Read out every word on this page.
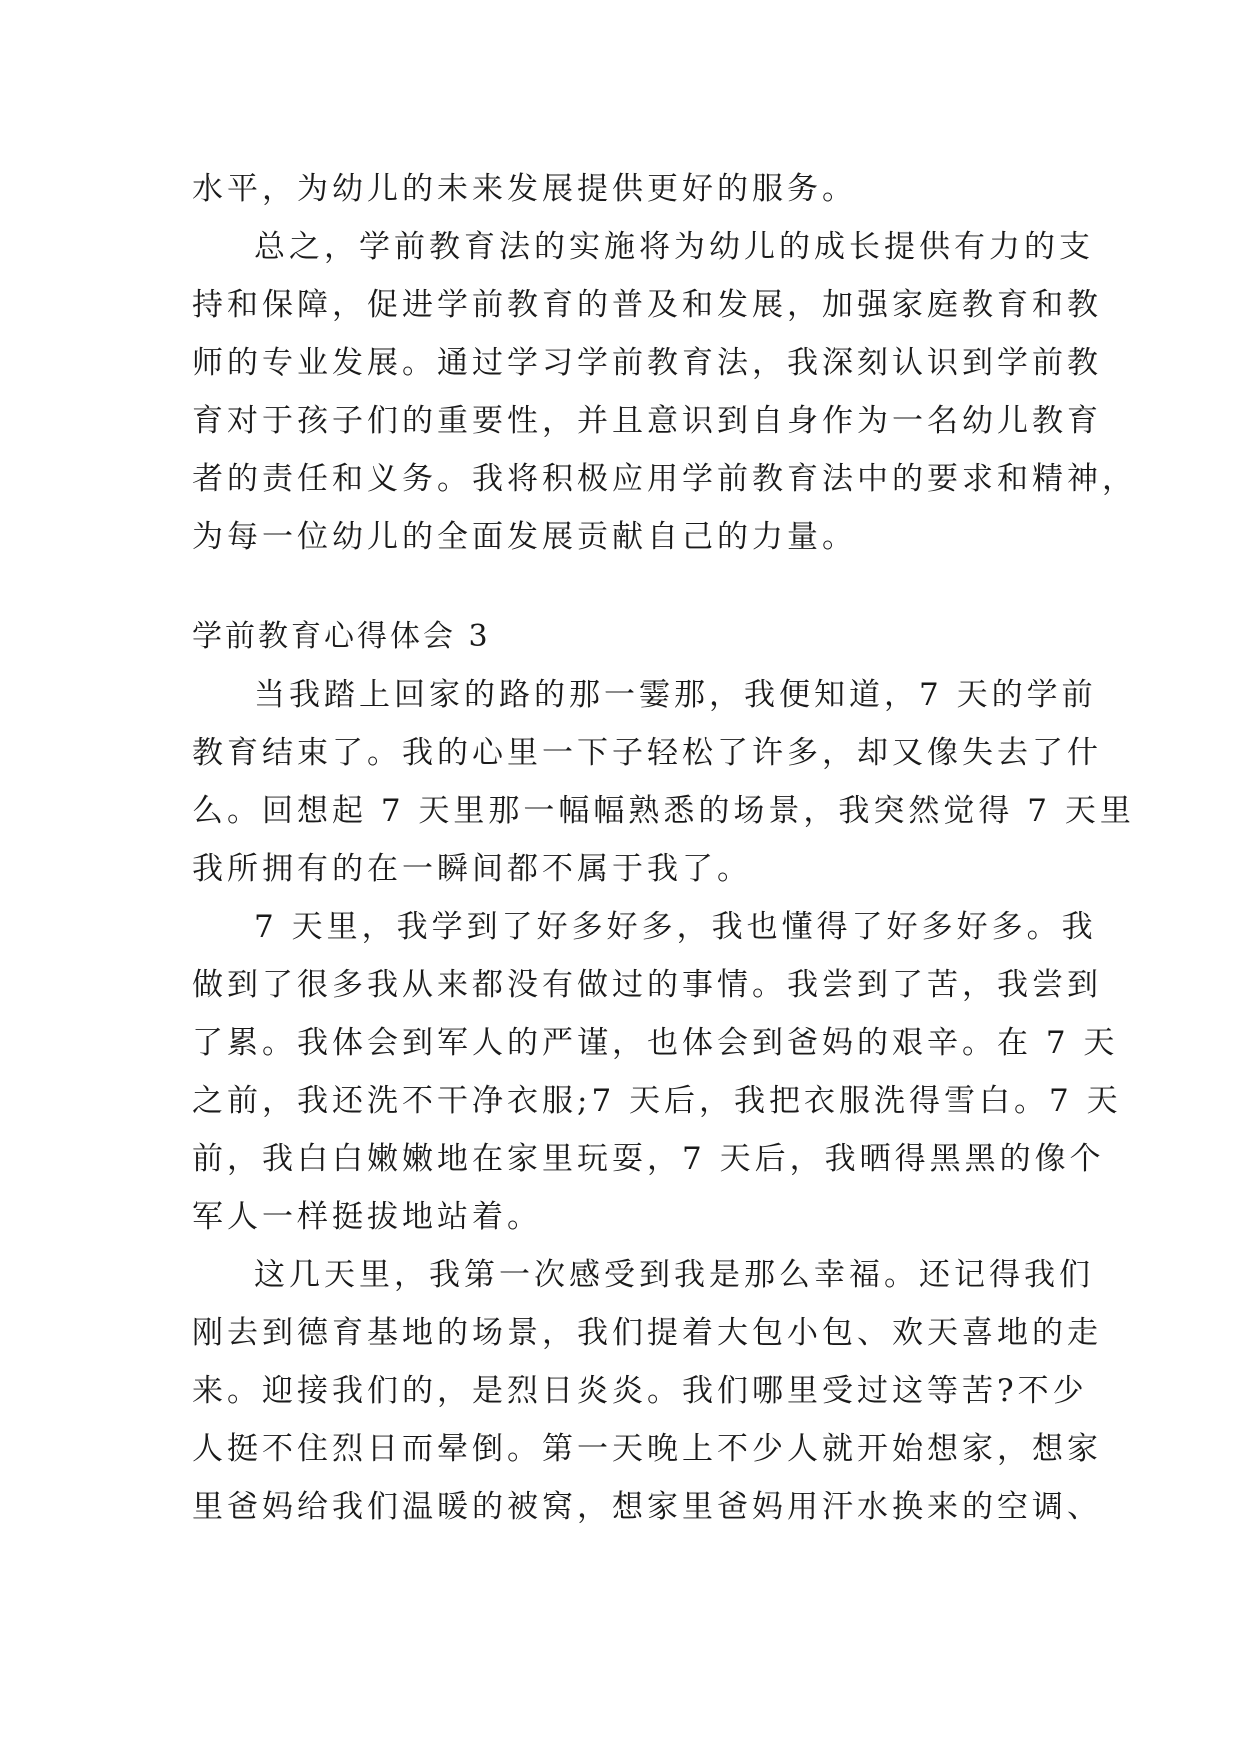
水平，为幼儿的未来发展提供更好的服务。
总之，学前教育法的实施将为幼儿的成长提供有力的支
持和保障，促进学前教育的普及和发展，加强家庭教育和教
师的专业发展。通过学习学前教育法，我深刻认识到学前教
育对于孩子们的重要性，并且意识到自身作为一名幼儿教育
者的责任和义务。我将积极应用学前教育法中的要求和精神，
为每一位幼儿的全面发展贡献自己的力量。
学前教育心得体会 3
当我踏上回家的路的那一霎那，我便知道，7 天的学前
教育结束了。我的心里一下子轻松了许多，却又像失去了什
么。回想起 7 天里那一幅幅熟悉的场景，我突然觉得 7 天里
我所拥有的在一瞬间都不属于我了。
7 天里，我学到了好多好多，我也懂得了好多好多。我
做到了很多我从来都没有做过的事情。我尝到了苦，我尝到
了累。我体会到军人的严谨，也体会到爸妈的艰辛。在 7 天
之前，我还洗不干净衣服;7 天后，我把衣服洗得雪白。7 天
前，我白白嫩嫩地在家里玩耍，7 天后，我晒得黑黑的像个
军人一样挺拔地站着。
这几天里，我第一次感受到我是那么幸福。还记得我们
刚去到德育基地的场景，我们提着大包小包、欢天喜地的走
来。迎接我们的，是烈日炎炎。我们哪里受过这等苦?不少
人挺不住烈日而晕倒。第一天晚上不少人就开始想家，想家
里爸妈给我们温暖的被窝，想家里爸妈用汗水换来的空调、
